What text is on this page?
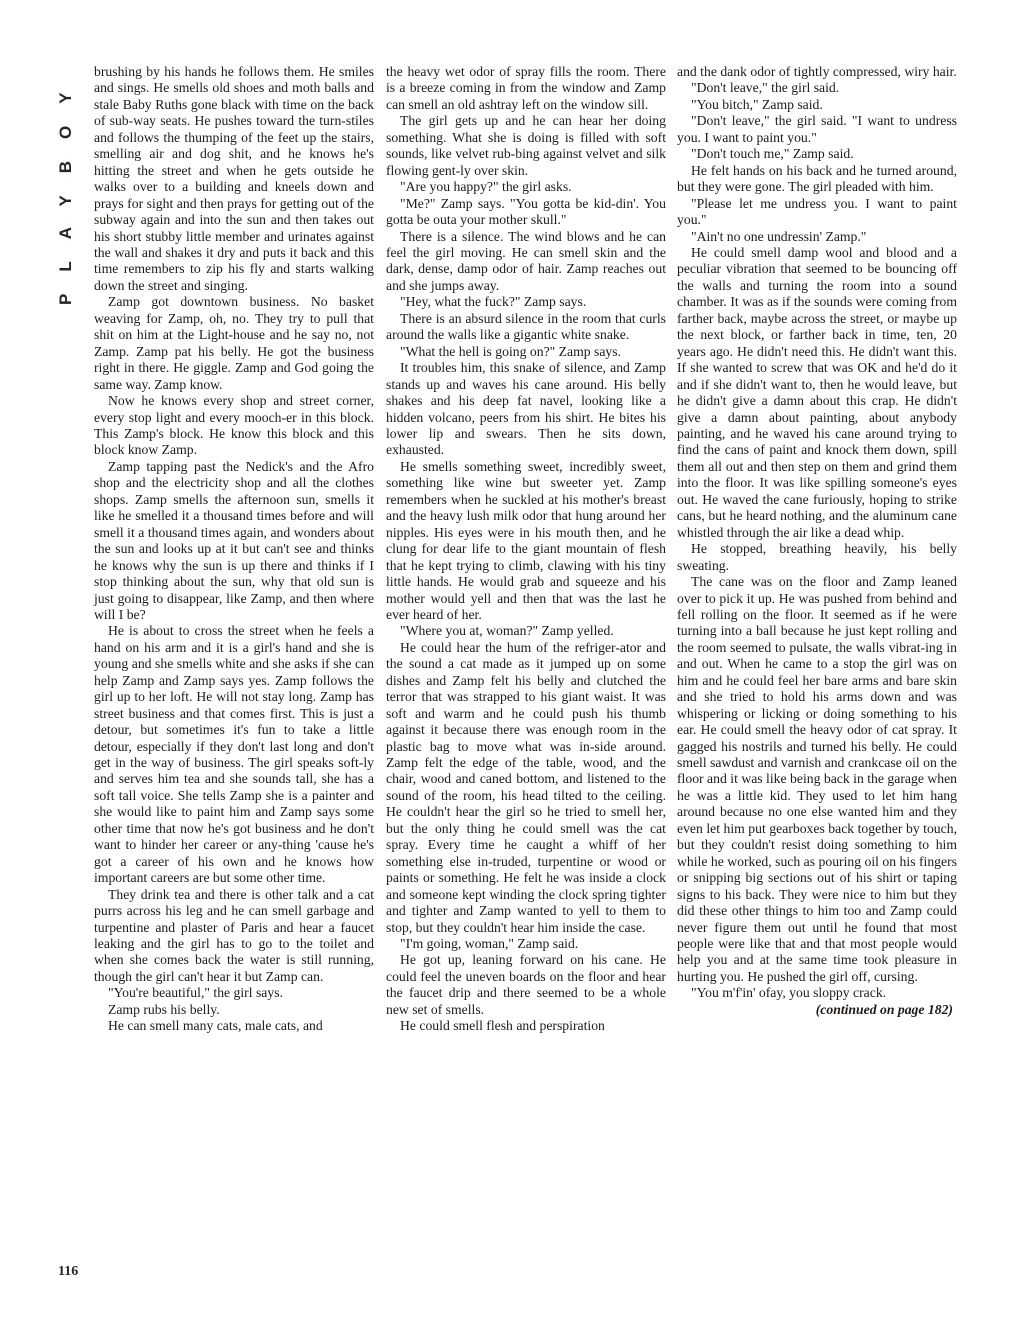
PLAYBOY brushing by his hands he follows them. He smiles and sings. He smells old shoes and moth balls and stale Baby Ruths gone black with time on the back of sub-way seats. He pushes toward the turn-stiles and follows the thumping of the feet up the stairs, smelling air and dog shit, and he knows he's hitting the street and when he gets outside he walks over to a building and kneels down and prays for sight and then prays for getting out of the subway again and into the sun and then takes out his short stubby little member and urinates against the wall and shakes it dry and puts it back and this time remembers to zip his fly and starts walking down the street and singing.

Zamp got downtown business. No basket weaving for Zamp, oh, no. They try to pull that shit on him at the Light-house and he say no, not Zamp. Zamp pat his belly. He got the business right in there. He giggle. Zamp and God going the same way. Zamp know.

Now he knows every shop and street corner, every stop light and every mooch-er in this block. This Zamp's block. He know this block and this block know Zamp.

Zamp tapping past the Nedick's and the Afro shop and the electricity shop and all the clothes shops. Zamp smells the afternoon sun, smells it like he smelled it a thousand times before and will smell it a thousand times again, and wonders about the sun and looks up at it but can't see and thinks he knows why the sun is up there and thinks if I stop thinking about the sun, why that old sun is just going to disappear, like Zamp, and then where will I be?

He is about to cross the street when he feels a hand on his arm and it is a girl's hand and she is young and she smells white and she asks if she can help Zamp and Zamp says yes. Zamp follows the girl up to her loft. He will not stay long. Zamp has street business and that comes first. This is just a detour, but sometimes it's fun to take a little detour, especially if they don't last long and don't get in the way of business. The girl speaks soft-ly and serves him tea and she sounds tall, she has a soft tall voice. She tells Zamp she is a painter and she would like to paint him and Zamp says some other time that now he's got business and he don't want to hinder her career or any-thing 'cause he's got a career of his own and he knows how important careers are but some other time.

They drink tea and there is other talk and a cat purrs across his leg and he can smell garbage and turpentine and plaster of Paris and hear a faucet leaking and the girl has to go to the toilet and when she comes back the water is still running, though the girl can't hear it but Zamp can.

"You're beautiful," the girl says.

Zamp rubs his belly.

He can smell many cats, male cats, and

the heavy wet odor of spray fills the room. There is a breeze coming in from the window and Zamp can smell an old ashtray left on the window sill.

The girl gets up and he can hear her doing something. What she is doing is filled with soft sounds, like velvet rub-bing against velvet and silk flowing gent-ly over skin.

"Are you happy?" the girl asks.

"Me?" Zamp says. "You gotta be kid-din'. You gotta be outa your mother skull."

There is a silence. The wind blows and he can feel the girl moving. He can smell skin and the dark, dense, damp odor of hair. Zamp reaches out and she jumps away.

"Hey, what the fuck?" Zamp says.

There is an absurd silence in the room that curls around the walls like a gigantic white snake.

"What the hell is going on?" Zamp says.

It troubles him, this snake of silence, and Zamp stands up and waves his cane around. His belly shakes and his deep fat navel, looking like a hidden volcano, peers from his shirt. He bites his lower lip and swears. Then he sits down, exhausted.

He smells something sweet, incredibly sweet, something like wine but sweeter yet. Zamp remembers when he suckled at his mother's breast and the heavy lush milk odor that hung around her nipples. His eyes were in his mouth then, and he clung for dear life to the giant mountain of flesh that he kept trying to climb, clawing with his tiny little hands. He would grab and squeeze and his mother would yell and then that was the last he ever heard of her.

"Where you at, woman?" Zamp yelled.

He could hear the hum of the refriger-ator and the sound a cat made as it jumped up on some dishes and Zamp felt his belly and clutched the terror that was strapped to his giant waist. It was soft and warm and he could push his thumb against it because there was enough room in the plastic bag to move what was in-side around. Zamp felt the edge of the table, wood, and the chair, wood and caned bottom, and listened to the sound of the room, his head tilted to the ceiling. He couldn't hear the girl so he tried to smell her, but the only thing he could smell was the cat spray. Every time he caught a whiff of her something else in-truded, turpentine or wood or paints or something. He felt he was inside a clock and someone kept winding the clock spring tighter and tighter and Zamp wanted to yell to them to stop, but they couldn't hear him inside the case.

"I'm going, woman," Zamp said.

He got up, leaning forward on his cane. He could feel the uneven boards on the floor and hear the faucet drip and there seemed to be a whole new set of smells.

He could smell flesh and perspiration

and the dank odor of tightly compressed, wiry hair.

"Don't leave," the girl said.

"You bitch," Zamp said.

"Don't leave," the girl said. "I want to undress you. I want to paint you."

"Don't touch me," Zamp said.

He felt hands on his back and he turned around, but they were gone. The girl pleaded with him.

"Please let me undress you. I want to paint you."

"Ain't no one undressin' Zamp."

He could smell damp wool and blood and a peculiar vibration that seemed to be bouncing off the walls and turning the room into a sound chamber. It was as if the sounds were coming from farther back, maybe across the street, or maybe up the next block, or farther back in time, ten, 20 years ago. He didn't need this. He didn't want this. If she wanted to screw that was OK and he'd do it and if she didn't want to, then he would leave, but he didn't give a damn about this crap. He didn't give a damn about painting, about anybody painting, and he waved his cane around trying to find the cans of paint and knock them down, spill them all out and then step on them and grind them into the floor. It was like spilling someone's eyes out. He waved the cane furiously, hoping to strike cans, but he heard nothing, and the aluminum cane whistled through the air like a dead whip.

He stopped, breathing heavily, his belly sweating.

The cane was on the floor and Zamp leaned over to pick it up. He was pushed from behind and fell rolling on the floor. It seemed as if he were turning into a ball because he just kept rolling and the room seemed to pulsate, the walls vibrat-ing in and out. When he came to a stop the girl was on him and he could feel her bare arms and bare skin and she tried to hold his arms down and was whispering or licking or doing something to his ear. He could smell the heavy odor of cat spray. It gagged his nostrils and turned his belly. He could smell sawdust and varnish and crankcase oil on the floor and it was like being back in the garage when he was a little kid. They used to let him hang around because no one else wanted him and they even let him put gearboxes back together by touch, but they couldn't resist doing something to him while he worked, such as pouring oil on his fingers or snipping big sections out of his shirt or taping signs to his back. They were nice to him but they did these other things to him too and Zamp could never figure them out until he found that most people were like that and that most people would help you and at the same time took pleasure in hurting you. He pushed the girl off, cursing.

"You m'f'in' ofay, you sloppy crack.

(continued on page 182)

116
